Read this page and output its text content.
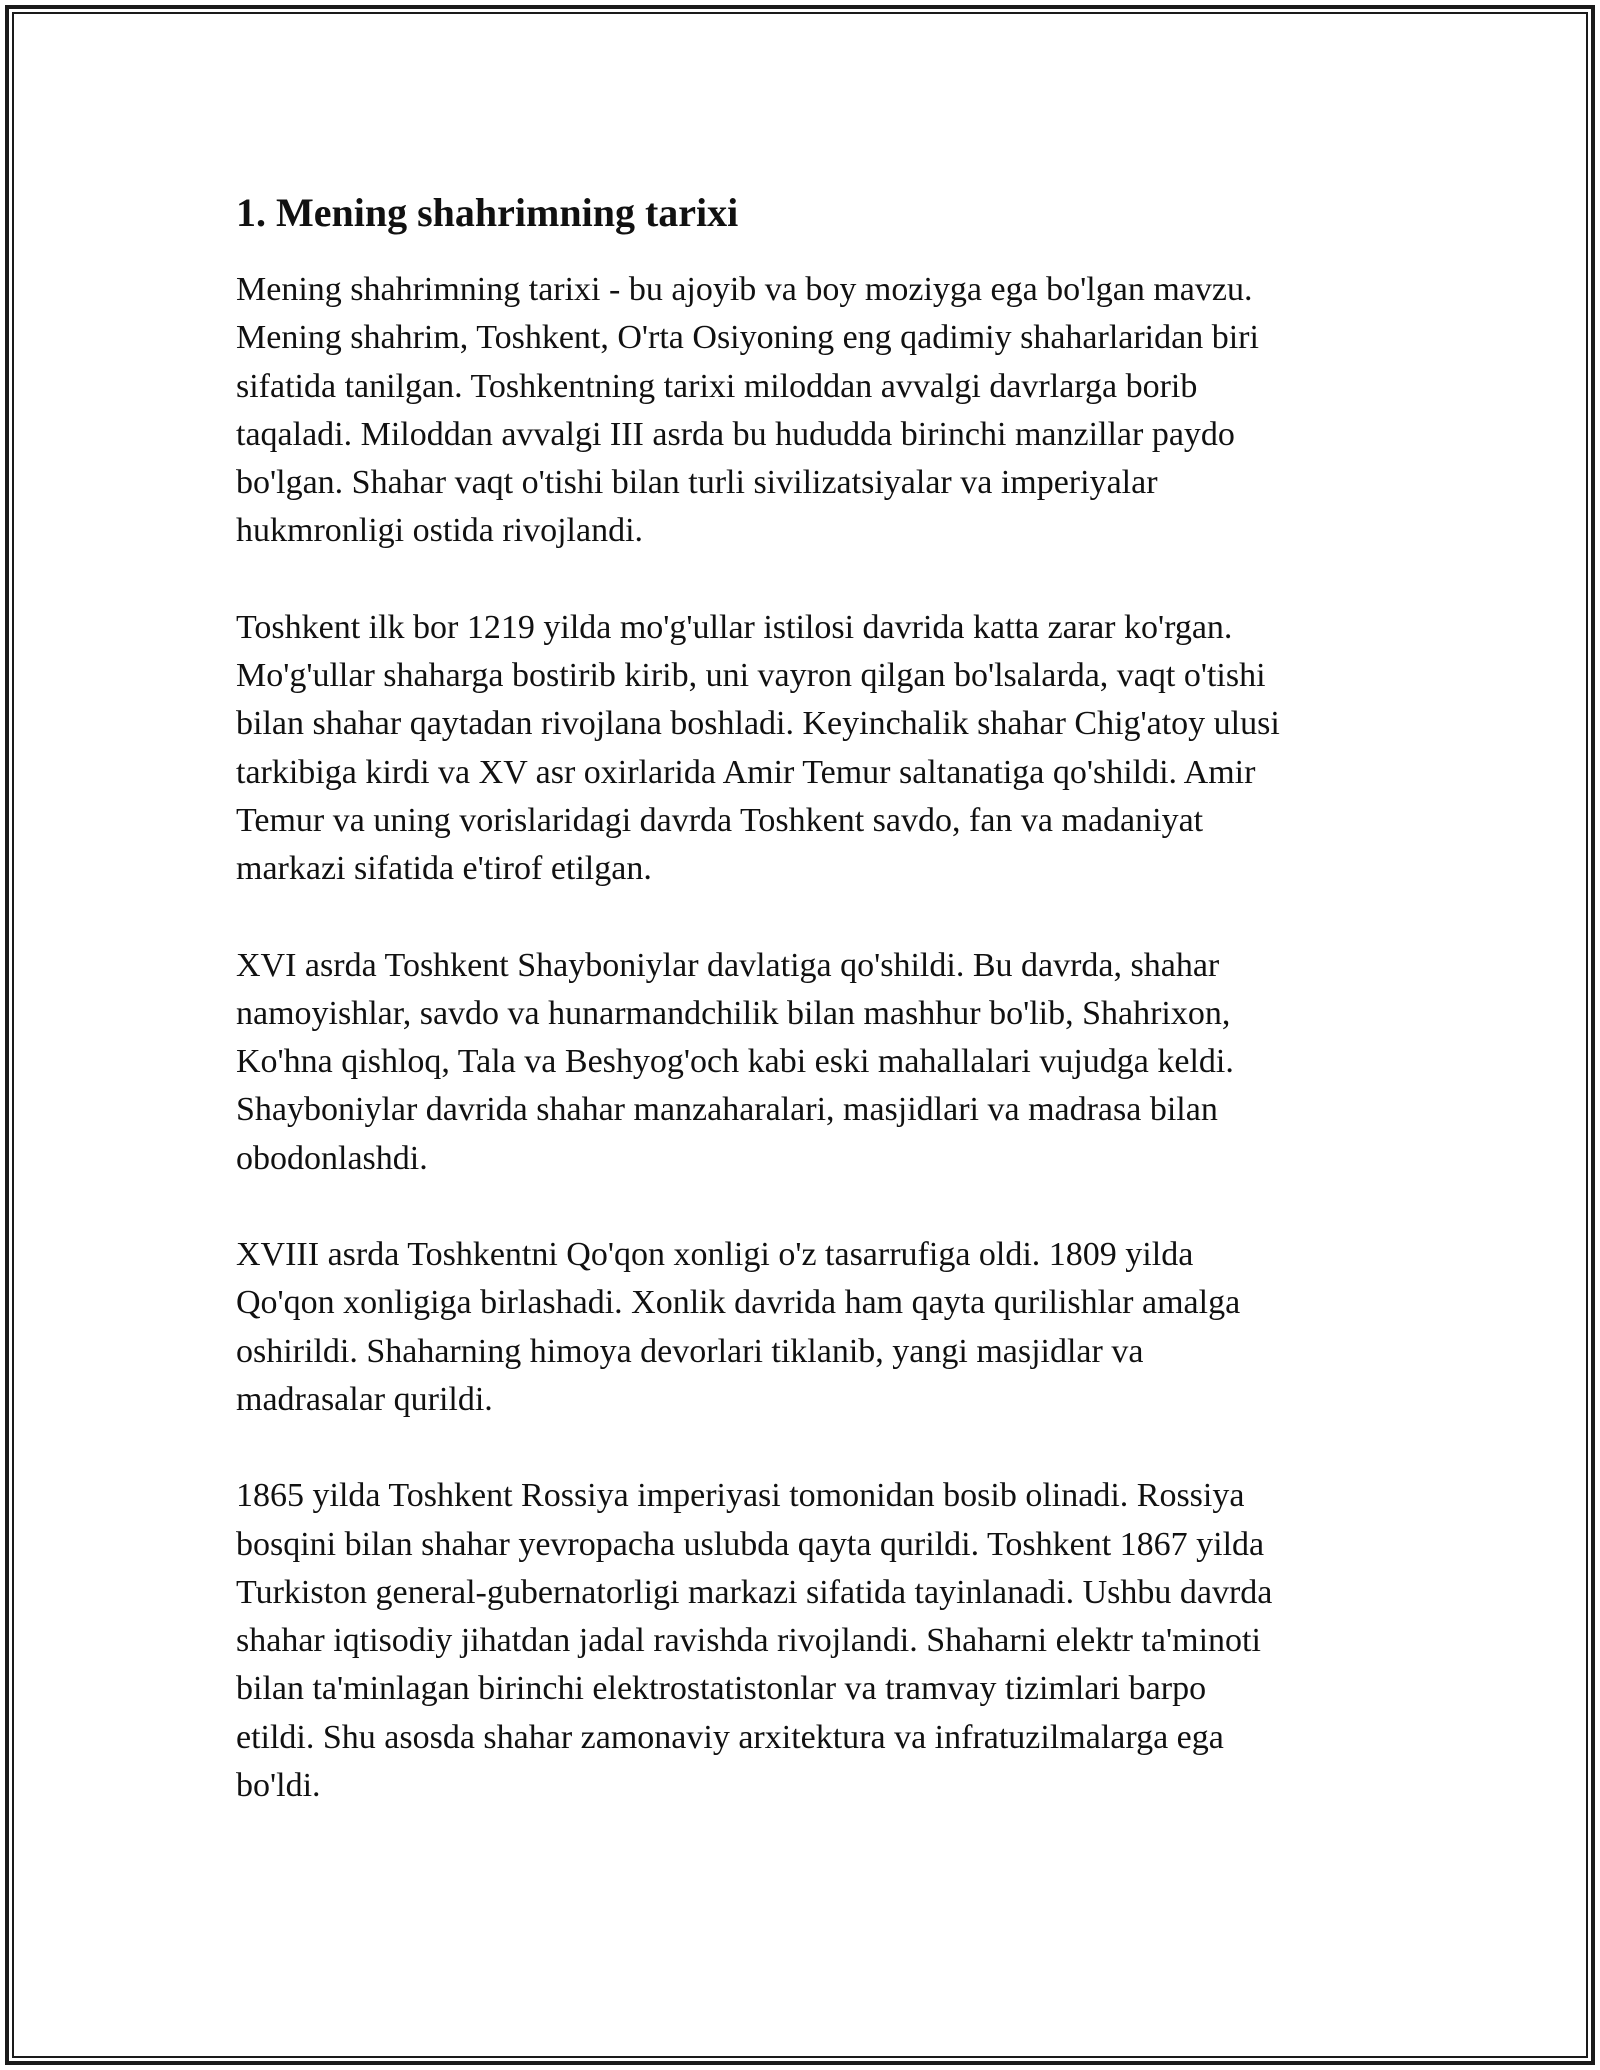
1. Mening shahrimning tarixi

Mening shahrimning tarixi - bu ajoyib va boy moziyga ega bo'lgan mavzu.
Mening shahrim, Toshkent, O'rta Osiyoning eng qadimiy shaharlaridan biri
sifatida tanilgan. Toshkentning tarixi miloddan avvalgi davrlarga borib
taqaladi. Miloddan avvalgi III asrda bu hududda birinchi manzillar paydo
bo'lgan. Shahar vaqt o'tishi bilan turli sivilizatsiyalar va imperiyalar
hukmronligi ostida rivojlandi.

Toshkent ilk bor 1219 yilda mo'g'ullar istilosi davrida katta zarar ko'rgan.
Mo'g'ullar shaharga bostirib kirib, uni vayron qilgan bo'lsalarda, vaqt o'tishi
bilan shahar qaytadan rivojlana boshladi. Keyinchalik shahar Chig'atoy ulusi
tarkibiga kirdi va XV asr oxirlarida Amir Temur saltanatiga qo'shildi. Amir
Temur va uning vorislaridagi davrda Toshkent savdo, fan va madaniyat
markazi sifatida e'tirof etilgan.

XVI asrda Toshkent Shayboniylar davlatiga qo'shildi. Bu davrda, shahar
namoyishlar, savdo va hunarmandchilik bilan mashhur bo'lib, Shahrixon,
Ko'hna qishloq, Tala va Beshyog'och kabi eski mahallalari vujudga keldi.
Shayboniylar davrida shahar manzaharalari, masjidlari va madrasa bilan
obodonlashdi.

XVIII asrda Toshkentni Qo'qon xonligi o'z tasarrufiga oldi. 1809 yilda
Qo'qon xonligiga birlashadi. Xonlik davrida ham qayta qurilishlar amalga
oshirildi. Shaharning himoya devorlari tiklanib, yangi masjidlar va
madrasalar qurildi.

1865 yilda Toshkent Rossiya imperiyasi tomonidan bosib olinadi. Rossiya
bosqini bilan shahar yevropacha uslubda qayta qurildi. Toshkent 1867 yilda
Turkiston general-gubernatorligi markazi sifatida tayinlanadi. Ushbu davrda
shahar iqtisodiy jihatdan jadal ravishda rivojlandi. Shaharni elektr ta'minoti
bilan ta'minlagan birinchi elektrostatistonlar va tramvay tizimlari barpo
etildi. Shu asosda shahar zamonaviy arxitektura va infratuzilmalarga ega
bo'ldi.
